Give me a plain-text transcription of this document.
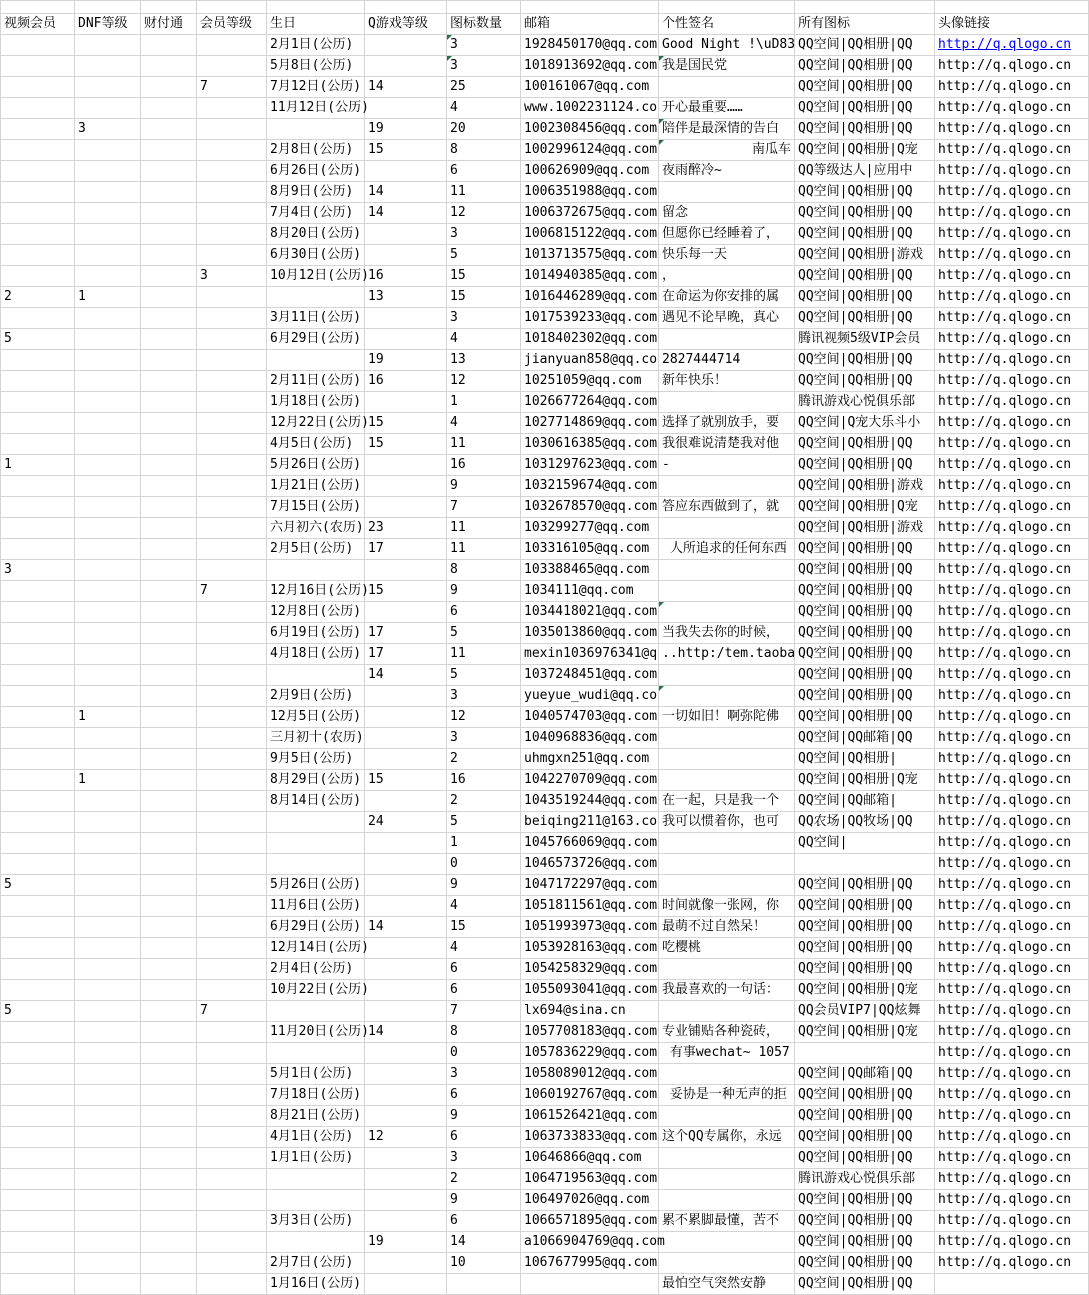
视频会员	DNF等级	财付通	会员等级	生日	Q游戏等级	图标数量	邮箱	个性签名	所有图标	头像链接
				2月1日(公历)		3	1928450170@qq.com	Good Night !\uD83	QQ空间|QQ相册|QQ	http://q.qlogo.cn
				5月8日(公历)		3	1018913692@qq.com	我是国民党	QQ空间|QQ相册|QQ	http://q.qlogo.cn
			7	7月12日(公历)	14	25	100161067@qq.com		QQ空间|QQ相册|QQ	http://q.qlogo.cn
				11月12日(公历)		4	www.1002231124.co	开心最重要……	QQ空间|QQ相册|QQ	http://q.qlogo.cn
	3				19	20	1002308456@qq.com	陪伴是最深情的告白	QQ空间|QQ相册|QQ	http://q.qlogo.cn
				2月8日(公历)	15	8	1002996124@qq.com	南瓜车	QQ空间|QQ相册|Q宠	http://q.qlogo.cn
				6月26日(公历)		6	100626909@qq.com	夜雨醉冷~	QQ等级达人|应用中	http://q.qlogo.cn
				8月9日(公历)	14	11	1006351988@qq.com		QQ空间|QQ相册|QQ	http://q.qlogo.cn
				7月4日(公历)	14	12	1006372675@qq.com	留念	QQ空间|QQ相册|QQ	http://q.qlogo.cn
				8月20日(公历)		3	1006815122@qq.com	但愿你已经睡着了，	QQ空间|QQ相册|QQ	http://q.qlogo.cn
				6月30日(公历)		5	1013713575@qq.com	快乐每一天	QQ空间|QQ相册|游戏	http://q.qlogo.cn
			3	10月12日(公历)	16	15	1014940385@qq.com	，	QQ空间|QQ相册|QQ	http://q.qlogo.cn
2	1				13	15	1016446289@qq.com	在命运为你安排的属	QQ空间|QQ相册|QQ	http://q.qlogo.cn
				3月11日(公历)		3	1017539233@qq.com	遇见不论早晚，真心	QQ空间|QQ相册|QQ	http://q.qlogo.cn
5				6月29日(公历)		4	1018402302@qq.com		腾讯视频5级VIP会员	http://q.qlogo.cn
					19	13	jianyuan858@qq.co	2827444714	QQ空间|QQ相册|QQ	http://q.qlogo.cn
				2月11日(公历)	16	12	10251059@qq.com	新年快乐！	QQ空间|QQ相册|QQ	http://q.qlogo.cn
				1月18日(公历)		1	1026677264@qq.com		腾讯游戏心悦俱乐部	http://q.qlogo.cn
				12月22日(公历)	15	4	1027714869@qq.com	选择了就别放手，要	QQ空间|Q宠大乐斗小	http://q.qlogo.cn
				4月5日(公历)	15	11	1030616385@qq.com	我很难说清楚我对他	QQ空间|QQ相册|QQ	http://q.qlogo.cn
1				5月26日(公历)		16	1031297623@qq.com	-	QQ空间|QQ相册|QQ	http://q.qlogo.cn
				1月21日(公历)		9	1032159674@qq.com		QQ空间|QQ相册|游戏	http://q.qlogo.cn
				7月15日(公历)		7	1032678570@qq.com	答应东西做到了，就	QQ空间|QQ相册|Q宠	http://q.qlogo.cn
				六月初六(农历)	23	11	103299277@qq.com		QQ空间|QQ相册|游戏	http://q.qlogo.cn
				2月5日(公历)	17	11	103316105@qq.com	人所追求的任何东西	QQ空间|QQ相册|QQ	http://q.qlogo.cn
3						8	103388465@qq.com		QQ空间|QQ相册|QQ	http://q.qlogo.cn
			7	12月16日(公历)	15	9	1034111@qq.com		QQ空间|QQ相册|QQ	http://q.qlogo.cn
				12月8日(公历)		6	1034418021@qq.com		QQ空间|QQ相册|QQ	http://q.qlogo.cn
				6月19日(公历)	17	5	1035013860@qq.com	当我失去你的时候，	QQ空间|QQ相册|QQ	http://q.qlogo.cn
				4月18日(公历)	17	11	mexin1036976341@q	..http:/tem.taoba	QQ空间|QQ相册|QQ	http://q.qlogo.cn
					14	5	1037248451@qq.com		QQ空间|QQ相册|QQ	http://q.qlogo.cn
				2月9日(公历)		3	yueyue_wudi@qq.co		QQ空间|QQ相册|QQ	http://q.qlogo.cn
	1			12月5日(公历)		12	1040574703@qq.com	一切如旧！啊弥陀佛	QQ空间|QQ相册|QQ	http://q.qlogo.cn
				三月初十(农历)		3	1040968836@qq.com		QQ空间|QQ邮箱|QQ	http://q.qlogo.cn
				9月5日(公历)		2	uhmgxn251@qq.com		QQ空间|QQ相册|	http://q.qlogo.cn
	1			8月29日(公历)	15	16	1042270709@qq.com		QQ空间|QQ相册|Q宠	http://q.qlogo.cn
				8月14日(公历)		2	1043519244@qq.com	在一起，只是我一个	QQ空间|QQ邮箱|	http://q.qlogo.cn
					24	5	beiqing211@163.co	我可以惯着你，也可	QQ农场|QQ牧场|QQ	http://q.qlogo.cn
						1	1045766069@qq.com		QQ空间|	http://q.qlogo.cn
						0	1046573726@qq.com			http://q.qlogo.cn
5				5月26日(公历)		9	1047172297@qq.com		QQ空间|QQ相册|QQ	http://q.qlogo.cn
				11月6日(公历)		4	1051811561@qq.com	时间就像一张网，你	QQ空间|QQ相册|QQ	http://q.qlogo.cn
				6月29日(公历)	14	15	1051993973@qq.com	最萌不过自然呆！	QQ空间|QQ相册|QQ	http://q.qlogo.cn
				12月14日(公历)		4	1053928163@qq.com	吃樱桃	QQ空间|QQ相册|QQ	http://q.qlogo.cn
				2月4日(公历)		6	1054258329@qq.com		QQ空间|QQ相册|QQ	http://q.qlogo.cn
				10月22日(公历)		6	1055093041@qq.com	我最喜欢的一句话：	QQ空间|QQ相册|Q宠	http://q.qlogo.cn
5			7			7	lx694@sina.cn		QQ会员VIP7|QQ炫舞	http://q.qlogo.cn
				11月20日(公历)	14	8	1057708183@qq.com	专业铺贴各种瓷砖，	QQ空间|QQ相册|Q宠	http://q.qlogo.cn
						0	1057836229@qq.com	有事wechat~ 1057		http://q.qlogo.cn
				5月1日(公历)		3	1058089012@qq.com		QQ空间|QQ邮箱|QQ	http://q.qlogo.cn
				7月18日(公历)		6	1060192767@qq.com	妥协是一种无声的拒	QQ空间|QQ相册|QQ	http://q.qlogo.cn
				8月21日(公历)		9	1061526421@qq.com		QQ空间|QQ相册|QQ	http://q.qlogo.cn
				4月1日(公历)	12	6	1063733833@qq.com	这个QQ专属你，永远	QQ空间|QQ相册|QQ	http://q.qlogo.cn
				1月1日(公历)		3	10646866@qq.com		QQ空间|QQ相册|QQ	http://q.qlogo.cn
						2	1064719563@qq.com		腾讯游戏心悦俱乐部	http://q.qlogo.cn
						9	106497026@qq.com		QQ空间|QQ相册|QQ	http://q.qlogo.cn
				3月3日(公历)		6	1066571895@qq.com	累不累脚最懂，苦不	QQ空间|QQ相册|QQ	http://q.qlogo.cn
					19	14	a1066904769@qq.com		QQ空间|QQ相册|QQ	http://q.qlogo.cn
				2月7日(公历)		10	1067677995@qq.com		QQ空间|QQ相册|QQ	http://q.qlogo.cn
				1月16日(公历)				最怕空气突然安静	QQ空间|QQ相册|QQ	
